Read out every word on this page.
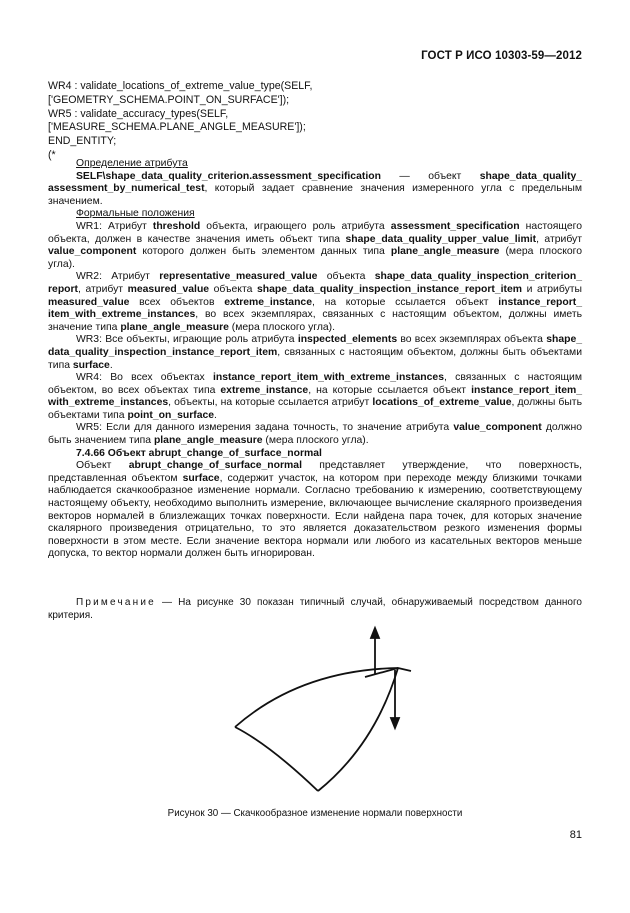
ГОСТ Р ИСО 10303-59—2012
WR4 : validate_locations_of_extreme_value_type(SELF,
['GEOMETRY_SCHEMA.POINT_ON_SURFACE']);
WR5 : validate_accuracy_types(SELF,
['MEASURE_SCHEMA.PLANE_ANGLE_MEASURE']);
END_ENTITY;
(*

Определение атрибута

SELF\shape_data_quality_criterion.assessment_specification — объект shape_data_quality_ assessment_by_numerical_test, который задает сравнение значения измеренного угла с предельным значением.

Формальные положения

WR1: Атрибут threshold объекта, играющего роль атрибута assessment_specification настоящего объекта, должен в качестве значения иметь объект типа shape_data_quality_upper_value_limit, атрибут value_component которого должен быть элементом данных типа plane_angle_measure (мера плоского угла).

WR2: Атрибут representative_measured_value объекта shape_data_quality_inspection_criterion_ report, атрибут measured_value объекта shape_data_quality_inspection_instance_report_item и атрибуты measured_value всех объектов extreme_instance, на которые ссылается объект instance_report_ item_with_extreme_instances, во всех экземплярах, связанных с настоящим объектом, должны иметь значение типа plane_angle_measure (мера плоского угла).

WR3: Все объекты, играющие роль атрибута inspected_elements во всех экземплярах объекта shape_ data_quality_inspection_instance_report_item, связанных с настоящим объектом, должны быть объектами типа surface.

WR4: Во всех объектах instance_report_item_with_extreme_instances, связанных с настоящим объектом, во всех объектах типа extreme_instance, на которые ссылается объект instance_report_item_ with_extreme_instances, объекты, на которые ссылается атрибут locations_of_extreme_value, должны быть объектами типа point_on_surface.

WR5: Если для данного измерения задана точность, то значение атрибута value_component должно быть значением типа plane_angle_measure (мера плоского угла).

7.4.66 Объект abrupt_change_of_surface_normal

Объект abrupt_change_of_surface_normal представляет утверждение, что поверхность, представленная объектом surface, содержит участок, на котором при переходе между близкими точками наблюдается скачкообразное изменение нормали. Согласно требованию к измерению, соответствующему настоящему объекту, необходимо выполнить измерение, включающее вычисление скалярного произведения векторов нормалей в близлежащих точках поверхности. Если найдена пара точек, для которых значение скалярного произведения отрицательно, то это является доказательством резкого изменения формы поверхности в этом месте. Если значение вектора нормали или любого из касательных векторов меньше допуска, то вектор нормали должен быть игнорирован.

Примечание — На рисунке 30 показан типичный случай, обнаруживаемый посредством данного критерия.
Рисунок 30 — Скачкообразное изменение нормали поверхности
81
